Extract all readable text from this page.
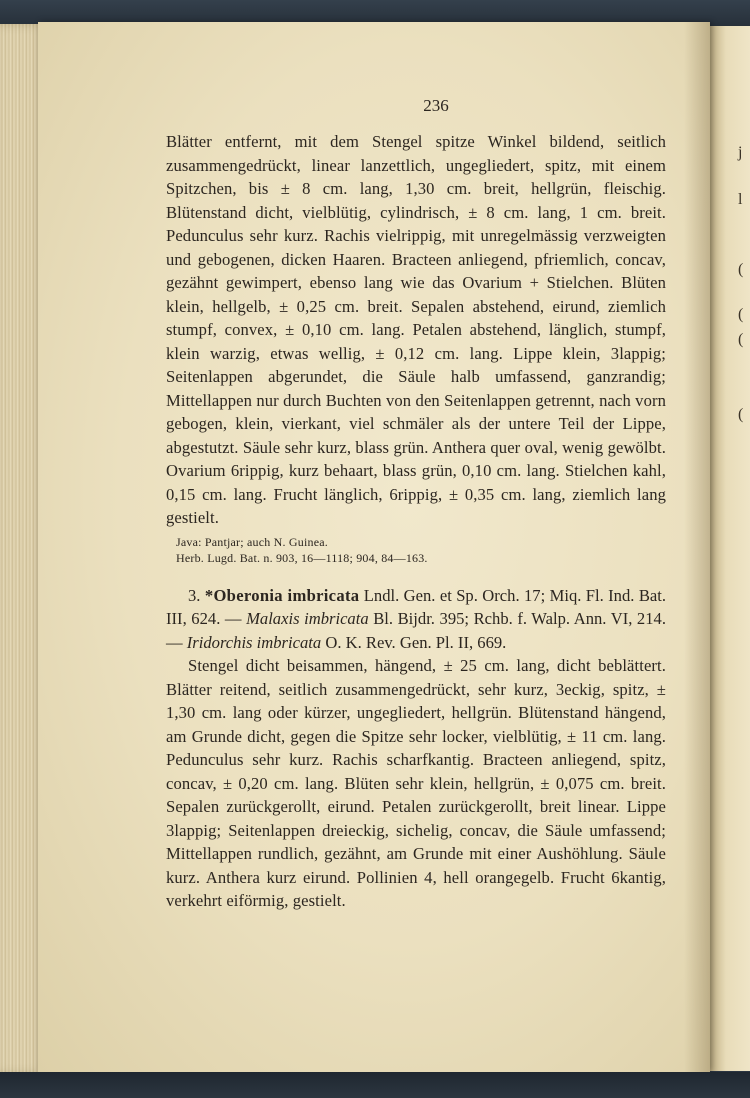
j
l
(
(
(
(
236

Blätter entfernt, mit dem Stengel spitze Winkel bildend, seitlich zusammengedrückt, linear lanzettlich, ungegliedert, spitz, mit einem Spitzchen, bis ± 8 cm. lang, 1,30 cm. breit, hellgrün, fleischig. Blütenstand dicht, vielblütig, cylindrisch, ± 8 cm. lang, 1 cm. breit. Pedunculus sehr kurz. Rachis vielrippig, mit unregelmässig verzweigten und gebogenen, dicken Haaren. Bracteen anliegend, pfriemlich, concav, gezähnt gewimpert, ebenso lang wie das Ovarium + Stielchen. Blüten klein, hellgelb, ± 0,25 cm. breit. Sepalen abstehend, eirund, ziemlich stumpf, convex, ± 0,10 cm. lang. Petalen abstehend, länglich, stumpf, klein warzig, etwas wellig, ± 0,12 cm. lang. Lippe klein, 3lappig; Seitenlappen abgerundet, die Säule halb umfassend, ganzrandig; Mittellappen nur durch Buchten von den Seitenlappen getrennt, nach vorn gebogen, klein, vierkant, viel schmäler als der untere Teil der Lippe, abgestutzt. Säule sehr kurz, blass grün. Anthera quer oval, wenig gewölbt. Ovarium 6rippig, kurz behaart, blass grün, 0,10 cm. lang. Stielchen kahl, 0,15 cm. lang. Frucht länglich, 6rippig, ± 0,35 cm. lang, ziemlich lang gestielt.

Java: Pantjar; auch N. Guinea.
Herb. Lugd. Bat. n. 903, 16—1118; 904, 84—163.

3. *Oberonia imbricata Lndl. Gen. et Sp. Orch. 17; Miq. Fl. Ind. Bat. III, 624. — Malaxis imbricata Bl. Bijdr. 395; Rchb. f. Walp. Ann. VI, 214. — Iridorchis imbricata O. K. Rev. Gen. Pl. II, 669.

Stengel dicht beisammen, hängend, ± 25 cm. lang, dicht beblättert. Blätter reitend, seitlich zusammengedrückt, sehr kurz, 3eckig, spitz, ± 1,30 cm. lang oder kürzer, ungegliedert, hellgrün. Blütenstand hängend, am Grunde dicht, gegen die Spitze sehr locker, vielblütig, ± 11 cm. lang. Pedunculus sehr kurz. Rachis scharfkantig. Bracteen anliegend, spitz, concav, ± 0,20 cm. lang. Blüten sehr klein, hellgrün, ± 0,075 cm. breit. Sepalen zurückgerollt, eirund. Petalen zurückgerollt, breit linear. Lippe 3lappig; Seitenlappen dreieckig, sichelig, concav, die Säule umfassend; Mittellappen rundlich, gezähnt, am Grunde mit einer Aushöhlung. Säule kurz. Anthera kurz eirund. Pollinien 4, hell orangegelb. Frucht 6kantig, verkehrt eiförmig, gestielt.
